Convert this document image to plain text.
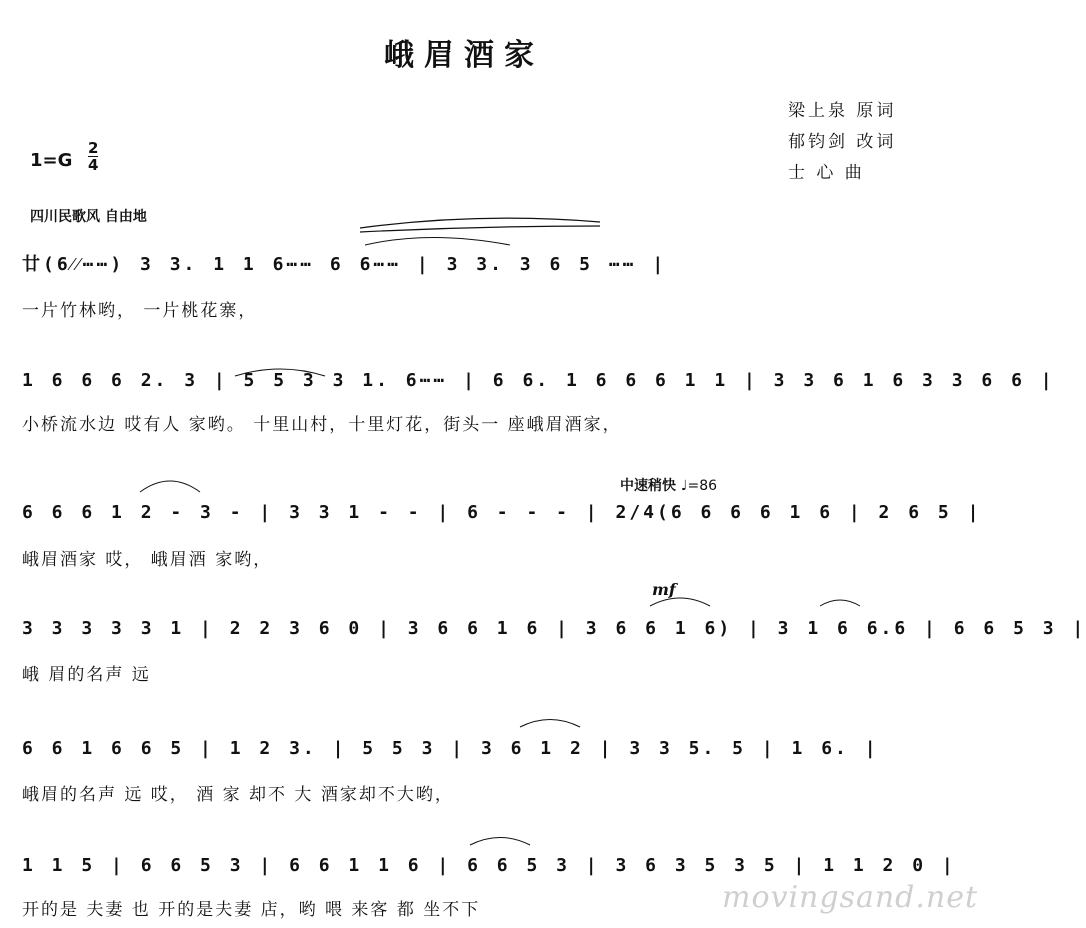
峨眉酒家
梁上泉 原词
郁钧剑 改词
士 心 曲
1=G
2
4
四川民歌风 自由地
中速稍快 ♩=86
mf
廿(6⁄⁄⋯⋯) 3 3. 1 1 6⋯⋯ 6 6⋯⋯ | 3 3. 3 6 5 ⋯⋯ |
一片竹林哟， 一片桃花寨，
1 6 6 6 2. 3 | 5 5 3 3 1. 6⋯⋯ | 6 6. 1 6 6 6 1 1 | 3 3 6 1 6 3 3 6 6 |
小桥流水边 哎有人 家哟。 十里山村，十里灯花，街头一 座峨眉酒家，
6 6 6 1 2 - 3 - | 3 3 1 - - | 6 - - - | 2/4(6 6 6 6 1 6 | 2 6 5 |
峨眉酒家 哎， 峨眉酒 家哟，
3 3 3 3 3 1 | 2 2 3 6 0 | 3 6 6 1 6 | 3 6 6 1 6) | 3 1 6 6.6 | 6 6 5 3 |
峨 眉的名声 远
6 6 1 6 6 5 | 1 2 3. | 5 5 3 | 3 6 1 2 | 3 3 5. 5 | 1 6. |
峨眉的名声 远 哎， 酒 家 却不 大 酒家却不大哟，
1 1 5 | 6 6 5 3 | 6 6 1 1 6 | 6 6 5 3 | 3 6 3 5 3 5 | 1 1 2 0 |
开的是 夫妻 也 开的是夫妻 店，哟 喂 来客 都 坐不下	movingsand.net
